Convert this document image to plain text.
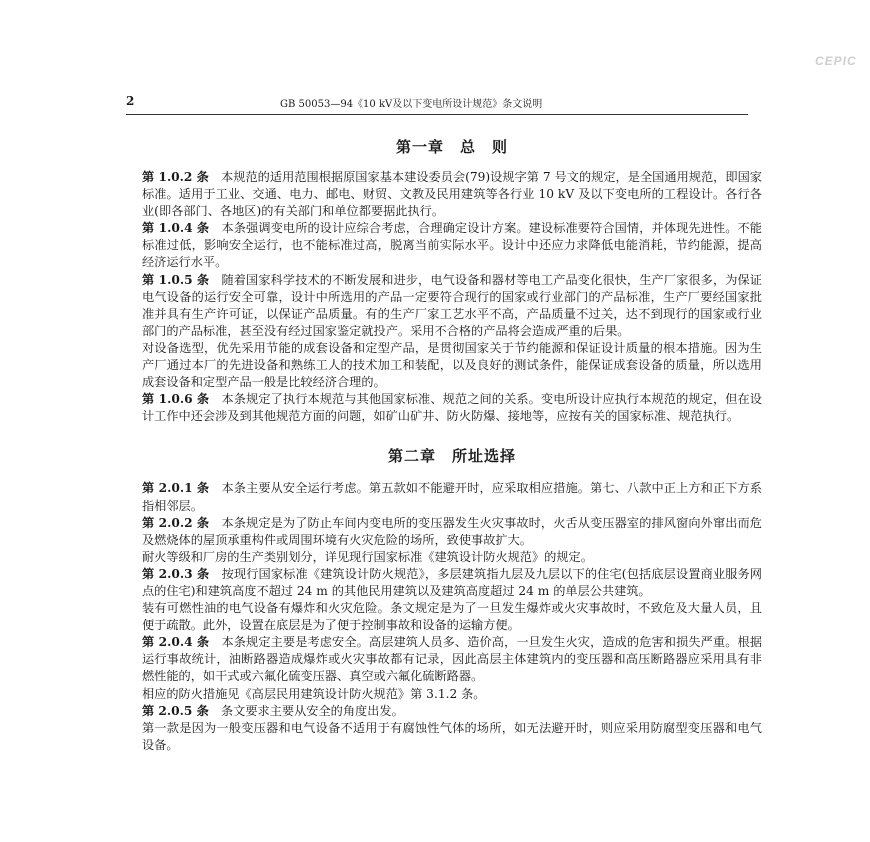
CEPIC
2	GB 50053—94《10 kV及以下变电所设计规范》条文说明
第一章　总　则

第 1.0.2 条　本规范的适用范围根据原国家基本建设委员会(79)设规字第 7 号文的规定，是全国通用规范，即国家标准。适用于工业、交通、电力、邮电、财贸、文教及民用建筑等各行业 10 kV 及以下变电所的工程设计。各行各业(即各部门、各地区)的有关部门和单位都要据此执行。

第 1.0.4 条　本条强调变电所的设计应综合考虑，合理确定设计方案。建设标准要符合国情，并体现先进性。不能标准过低，影响安全运行，也不能标准过高，脱离当前实际水平。设计中还应力求降低电能消耗，节约能源，提高经济运行水平。

第 1.0.5 条　随着国家科学技术的不断发展和进步，电气设备和器材等电工产品变化很快，生产厂家很多，为保证电气设备的运行安全可靠，设计中所选用的产品一定要符合现行的国家或行业部门的产品标准，生产厂要经国家批准并具有生产许可证，以保证产品质量。有的生产厂家工艺水平不高，产品质量不过关，达不到现行的国家或行业部门的产品标准，甚至没有经过国家鉴定就投产。采用不合格的产品将会造成严重的后果。

对设备选型，优先采用节能的成套设备和定型产品，是贯彻国家关于节约能源和保证设计质量的根本措施。因为生产厂通过本厂的先进设备和熟练工人的技术加工和装配，以及良好的测试条件，能保证成套设备的质量，所以选用成套设备和定型产品一般是比较经济合理的。

第 1.0.6 条　本条规定了执行本规范与其他国家标准、规范之间的关系。变电所设计应执行本规范的规定，但在设计工作中还会涉及到其他规范方面的问题，如矿山矿井、防火防爆、接地等，应按有关的国家标准、规范执行。

第二章　所址选择

第 2.0.1 条　本条主要从安全运行考虑。第五款如不能避开时，应采取相应措施。第七、八款中正上方和正下方系指相邻层。

第 2.0.2 条　本条规定是为了防止车间内变电所的变压器发生火灾事故时，火舌从变压器室的排风窗向外窜出而危及燃烧体的屋顶承重构件或周围环境有火灾危险的场所，致使事故扩大。

耐火等级和厂房的生产类别划分，详见现行国家标准《建筑设计防火规范》的规定。

第 2.0.3 条　按现行国家标准《建筑设计防火规范》，多层建筑指九层及九层以下的住宅(包括底层设置商业服务网点的住宅)和建筑高度不超过 24 m 的其他民用建筑以及建筑高度超过 24 m 的单层公共建筑。

装有可燃性油的电气设备有爆炸和火灾危险。条文规定是为了一旦发生爆炸或火灾事故时，不致危及大量人员，且便于疏散。此外，设置在底层是为了便于控制事故和设备的运输方便。

第 2.0.4 条　本条规定主要是考虑安全。高层建筑人员多、造价高，一旦发生火灾，造成的危害和损失严重。根据运行事故统计，油断路器造成爆炸或火灾事故都有记录，因此高层主体建筑内的变压器和高压断路器应采用具有非燃性能的，如干式或六氟化硫变压器、真空或六氟化硫断路器。

相应的防火措施见《高层民用建筑设计防火规范》第 3.1.2 条。

第 2.0.5 条　条文要求主要从安全的角度出发。

第一款是因为一般变压器和电气设备不适用于有腐蚀性气体的场所，如无法避开时，则应采用防腐型变压器和电气设备。
